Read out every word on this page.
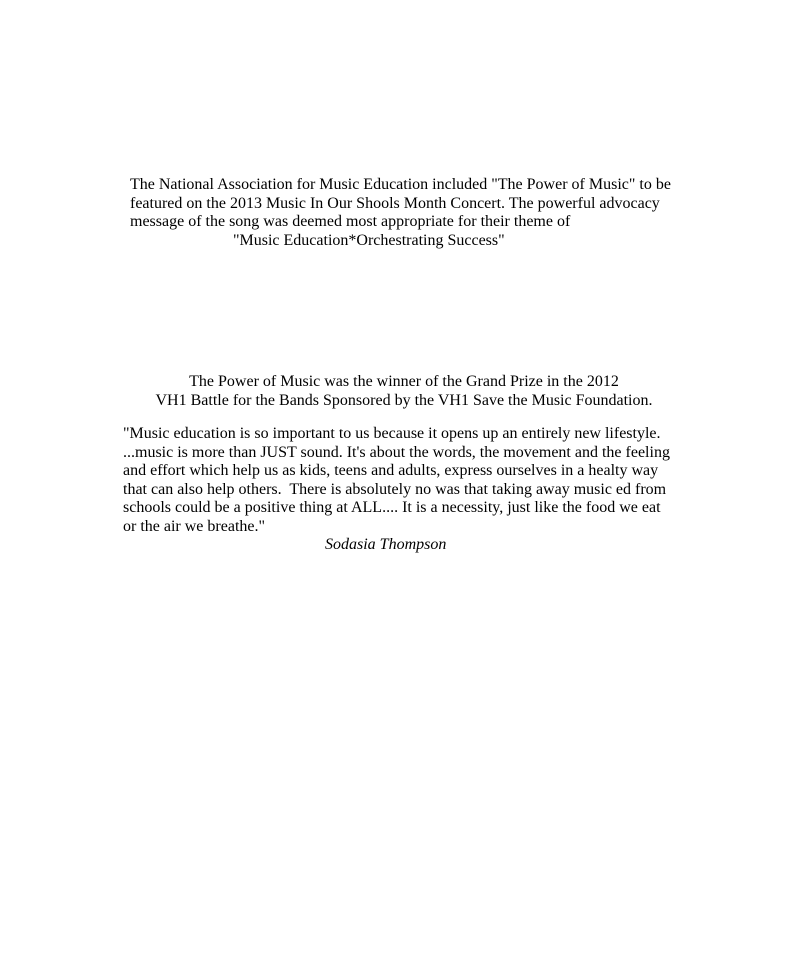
The National Association for Music Education included "The Power of Music" to be
featured on the 2013 Music In Our Shools Month Concert. The powerful advocacy
message of the song was deemed most appropriate for their theme of
"Music Education*Orchestrating Success"
The Power of Music was the winner of the Grand Prize in the 2012
VH1 Battle for the Bands Sponsored by the VH1 Save the Music Foundation.
"Music education is so important to us because it opens up an entirely new lifestyle.
...music is more than JUST sound. It's about the words, the movement and the feeling
and effort which help us as kids, teens and adults, express ourselves in a healty way
that can also help others.  There is absolutely no was that taking away music ed from
schools could be a positive thing at ALL.... It is a necessity, just like the food we eat
or the air we breathe."
Sodasia Thompson
